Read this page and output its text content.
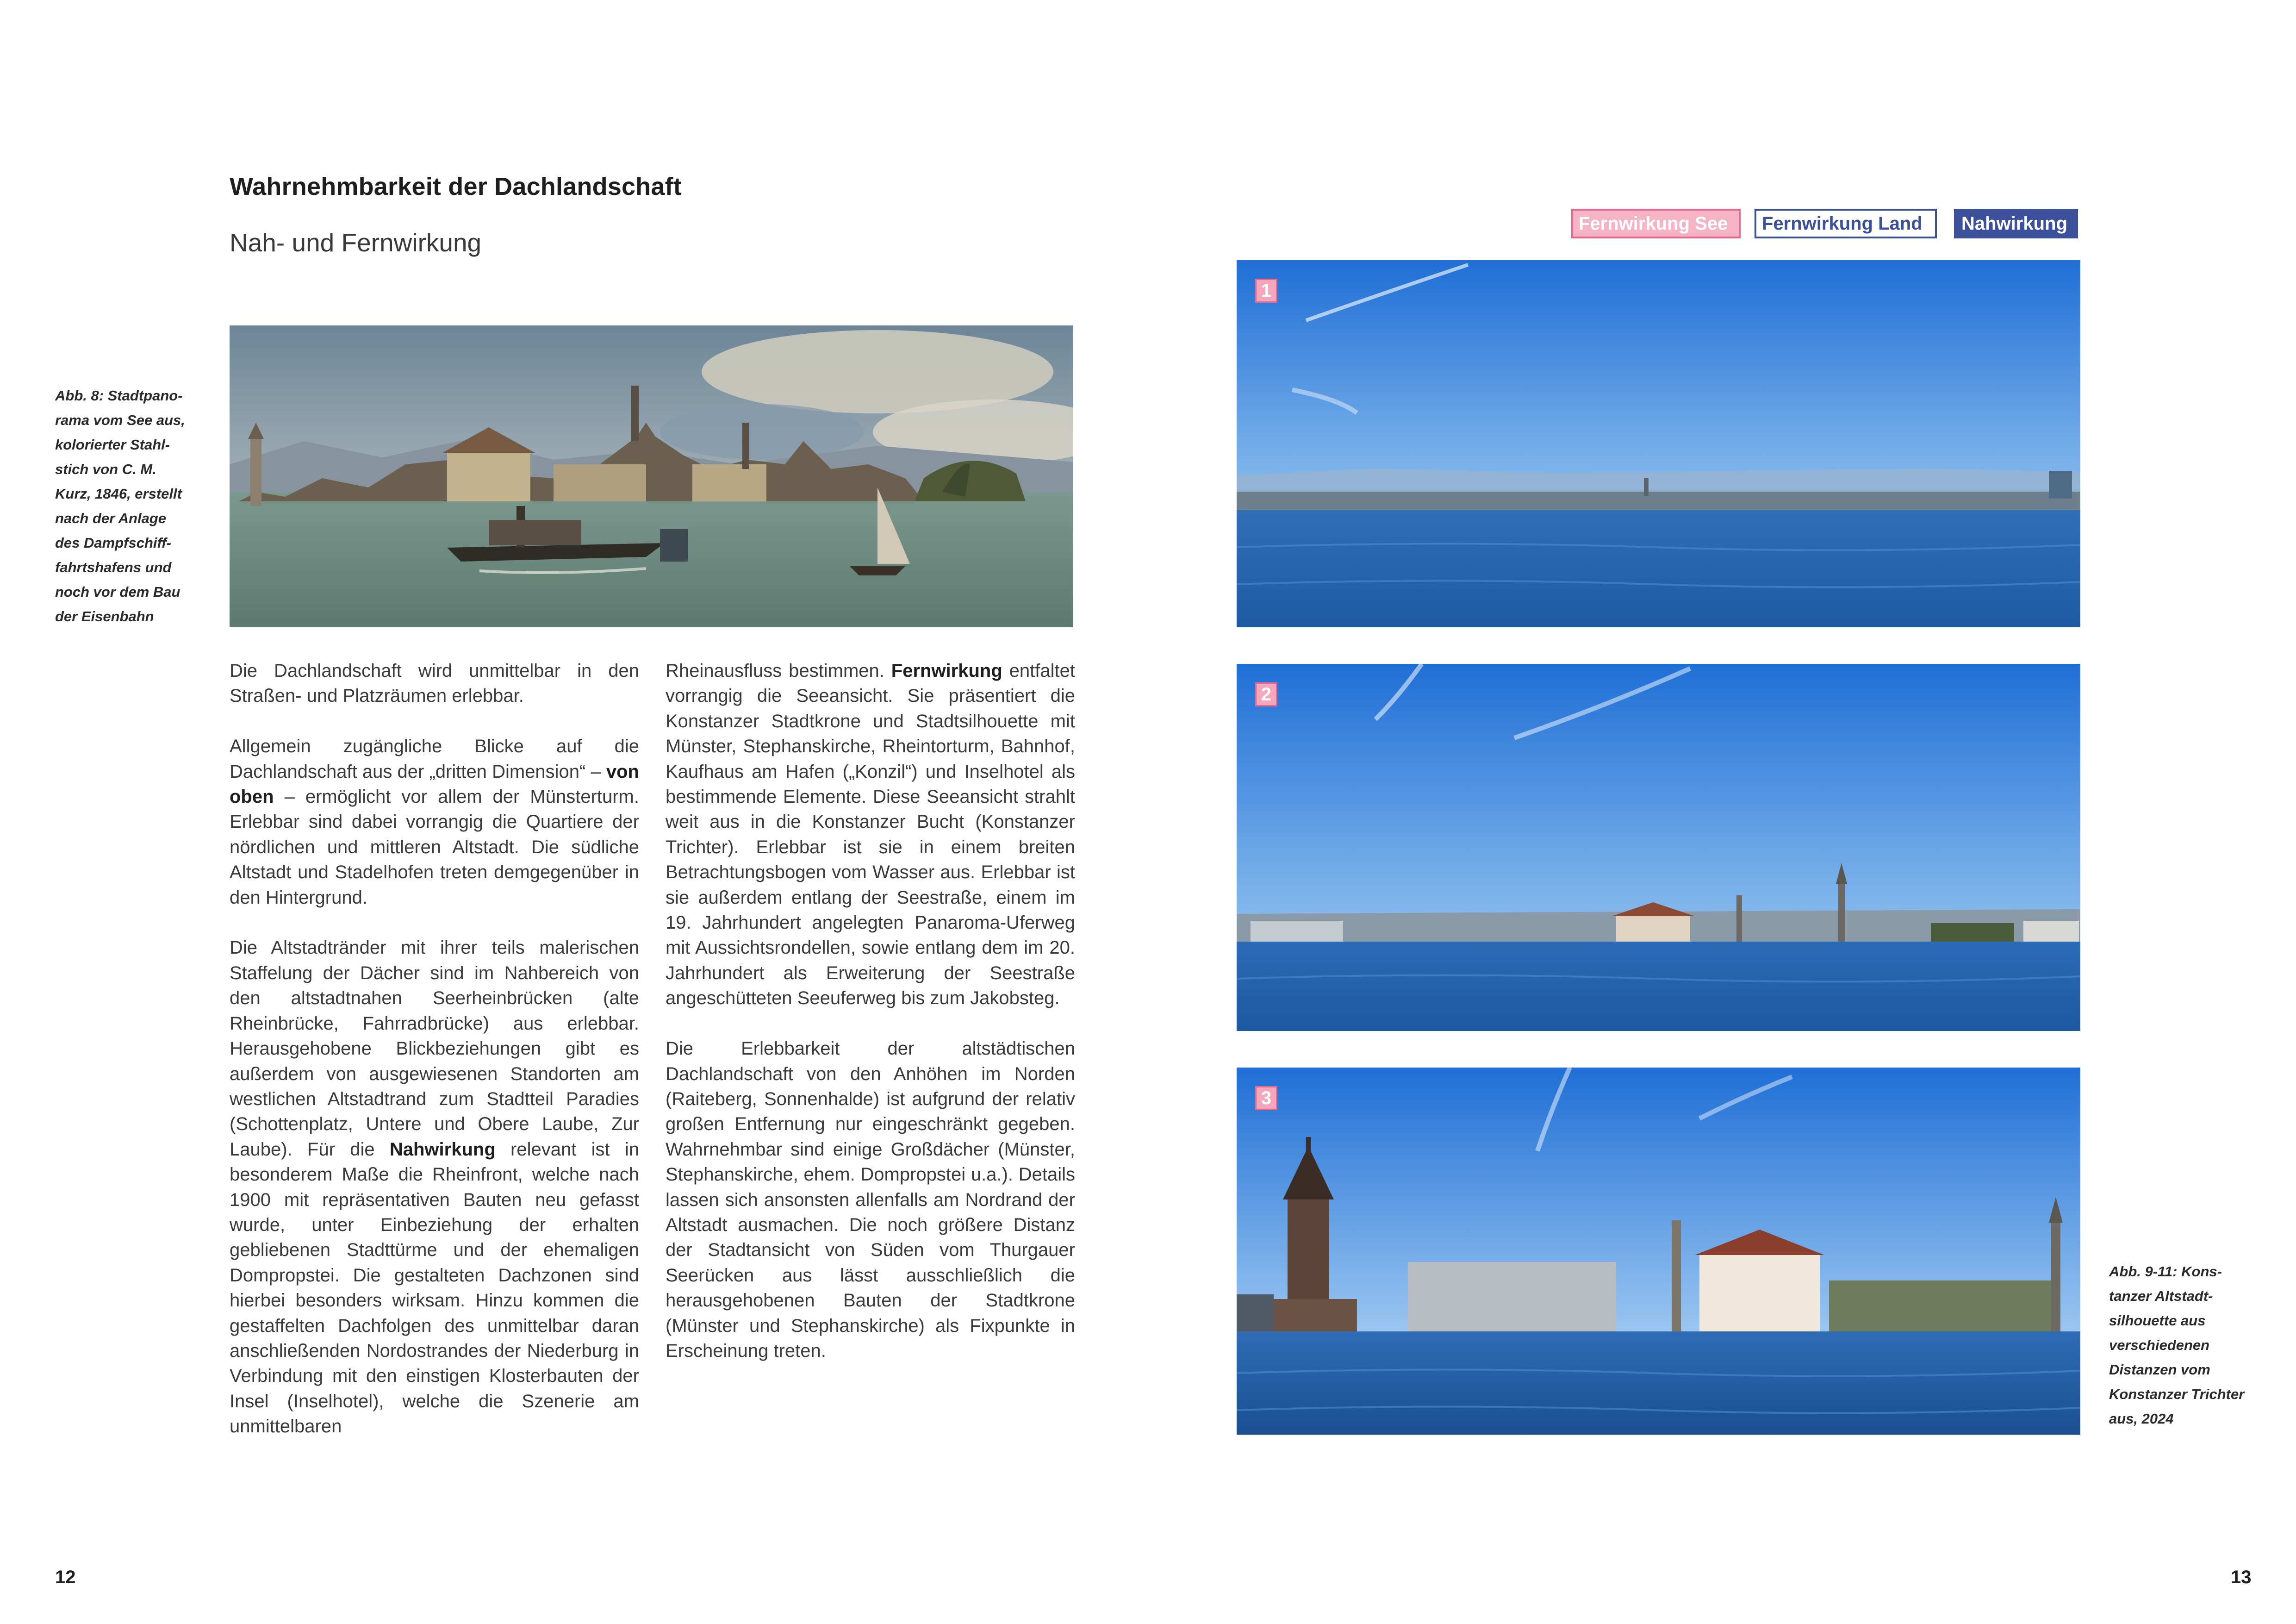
Wahrnehmbarkeit der Dachlandschaft
Nah- und Fernwirkung
Abb. 8: Stadtpano-
rama vom See aus,
kolorierter Stahl-
stich von C. M.
Kurz, 1846, erstellt
nach der Anlage
des Dampfschiff-
fahrtshafens und
noch vor dem Bau
der Eisenbahn
Die Dachlandschaft wird unmittelbar in den Straßen- und Platzräumen erlebbar.

Allgemein zugängliche Blicke auf die Dachlandschaft aus der „dritten Dimension“ – von oben – ermöglicht vor allem der Münsterturm. Erlebbar sind dabei vorrangig die Quartiere der nördlichen und mittleren Altstadt. Die südliche Altstadt und Stadelhofen treten demgegenüber in den Hintergrund.

Die Altstadtränder mit ihrer teils malerischen Staffelung der Dächer sind im Nahbereich von den altstadtnahen Seerheinbrücken (alte Rheinbrücke, Fahrradbrücke) aus erlebbar. Herausgehobene Blickbeziehungen gibt es außerdem von ausgewiesenen Standorten am westlichen Altstadtrand zum Stadtteil Paradies (Schottenplatz, Untere und Obere Laube, Zur Laube). Für die Nahwirkung relevant ist in besonderem Maße die Rheinfront, welche nach 1900 mit repräsentativen Bauten neu gefasst wurde, unter Einbeziehung der erhalten gebliebenen Stadttürme und der ehemaligen Dompropstei. Die gestalteten Dachzonen sind hierbei besonders wirksam. Hinzu kommen die gestaffelten Dachfolgen des unmittelbar daran anschließenden Nordostrandes der Niederburg in Verbindung mit den einstigen Klosterbauten der Insel (Inselhotel), welche die Szenerie am unmittelbaren
Rheinausfluss bestimmen. Fernwirkung entfaltet vorrangig die Seeansicht. Sie präsentiert die Konstanzer Stadtkrone und Stadtsilhouette mit Münster, Stephanskirche, Rheintorturm, Bahnhof, Kaufhaus am Hafen („Konzil“) und Inselhotel als bestimmende Elemente. Diese Seeansicht strahlt weit aus in die Konstanzer Bucht (Konstanzer Trichter). Erlebbar ist sie in einem breiten Betrachtungsbogen vom Wasser aus. Erlebbar ist sie außerdem entlang der Seestraße, einem im 19. Jahrhundert angelegten Panaroma-Uferweg mit Aussichtsrondellen, sowie entlang dem im 20. Jahrhundert als Erweiterung der Seestraße angeschütteten Seeuferweg bis zum Jakobsteg.

Die Erlebbarkeit der altstädtischen Dachlandschaft von den Anhöhen im Norden (Raiteberg, Sonnenhalde) ist aufgrund der relativ großen Entfernung nur eingeschränkt gegeben. Wahrnehmbar sind einige Großdächer (Münster, Stephanskirche, ehem. Dompropstei u.a.). Details lassen sich ansonsten allenfalls am Nordrand der Altstadt ausmachen. Die noch größere Distanz der Stadtansicht von Süden vom Thurgauer Seerücken aus lässt ausschließlich die herausgehobenen Bauten der Stadtkrone (Münster und Stephanskirche) als Fixpunkte in Erscheinung treten.
Fernwirkung See	Fernwirkung Land	Nahwirkung
1
2
3
Abb. 9-11: Kons-
tanzer Altstadt-
silhouette aus
verschiedenen
Distanzen vom
Konstanzer Trichter
aus, 2024
12	13
